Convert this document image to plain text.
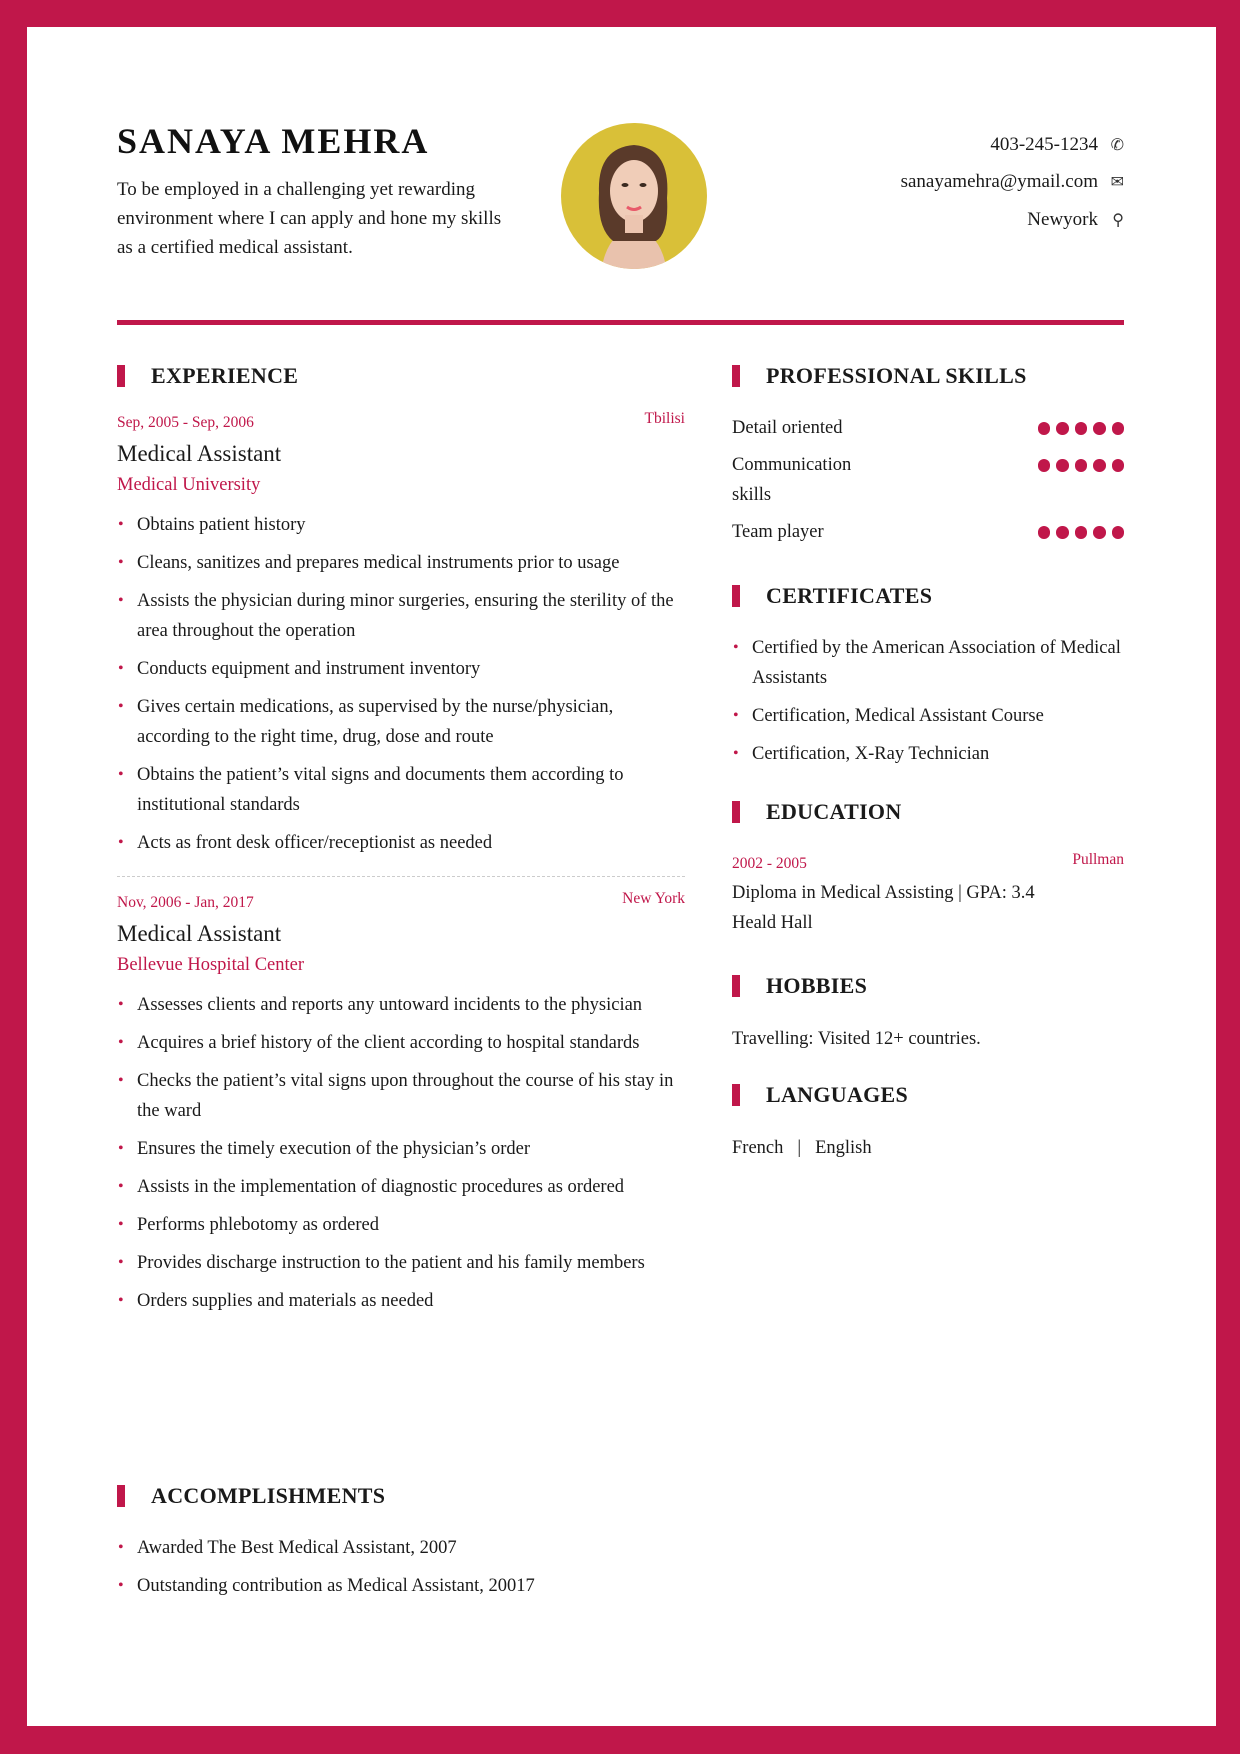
SANAYA MEHRA
To be employed in a challenging yet rewarding environment where I can apply and hone my skills as a certified medical assistant.
403-245-1234 ✆
sanayamehra@ymail.com ✉
Newyork ⚲
EXPERIENCE
Sep, 2005 - Sep, 2006	Tbilisi
Medical Assistant
Medical University
• Obtains patient history
• Cleans, sanitizes and prepares medical instruments prior to usage
• Assists the physician during minor surgeries, ensuring the sterility of the area throughout the operation
• Conducts equipment and instrument inventory
• Gives certain medications, as supervised by the nurse/physician, according to the right time, drug, dose and route
• Obtains the patient’s vital signs and documents them according to institutional standards
• Acts as front desk officer/receptionist as needed
Nov, 2006 - Jan, 2017	New York
Medical Assistant
Bellevue Hospital Center
• Assesses clients and reports any untoward incidents to the physician
• Acquires a brief history of the client according to hospital standards
• Checks the patient’s vital signs upon throughout the course of his stay in the ward
• Ensures the timely execution of the physician’s order
• Assists in the implementation of diagnostic procedures as ordered
• Performs phlebotomy as ordered
• Provides discharge instruction to the patient and his family members
• Orders supplies and materials as needed
ACCOMPLISHMENTS
• Awarded The Best Medical Assistant, 2007
• Outstanding contribution as Medical Assistant, 20017
PROFESSIONAL SKILLS
Detail oriented
Communication skills
Team player
CERTIFICATES
• Certified by the American Association of Medical Assistants
• Certification, Medical Assistant Course
• Certification, X-Ray Technician
EDUCATION
2002 - 2005	Pullman
Diploma in Medical Assisting | GPA: 3.4
Heald Hall
HOBBIES
Travelling: Visited 12+ countries.
LANGUAGES
French | English
